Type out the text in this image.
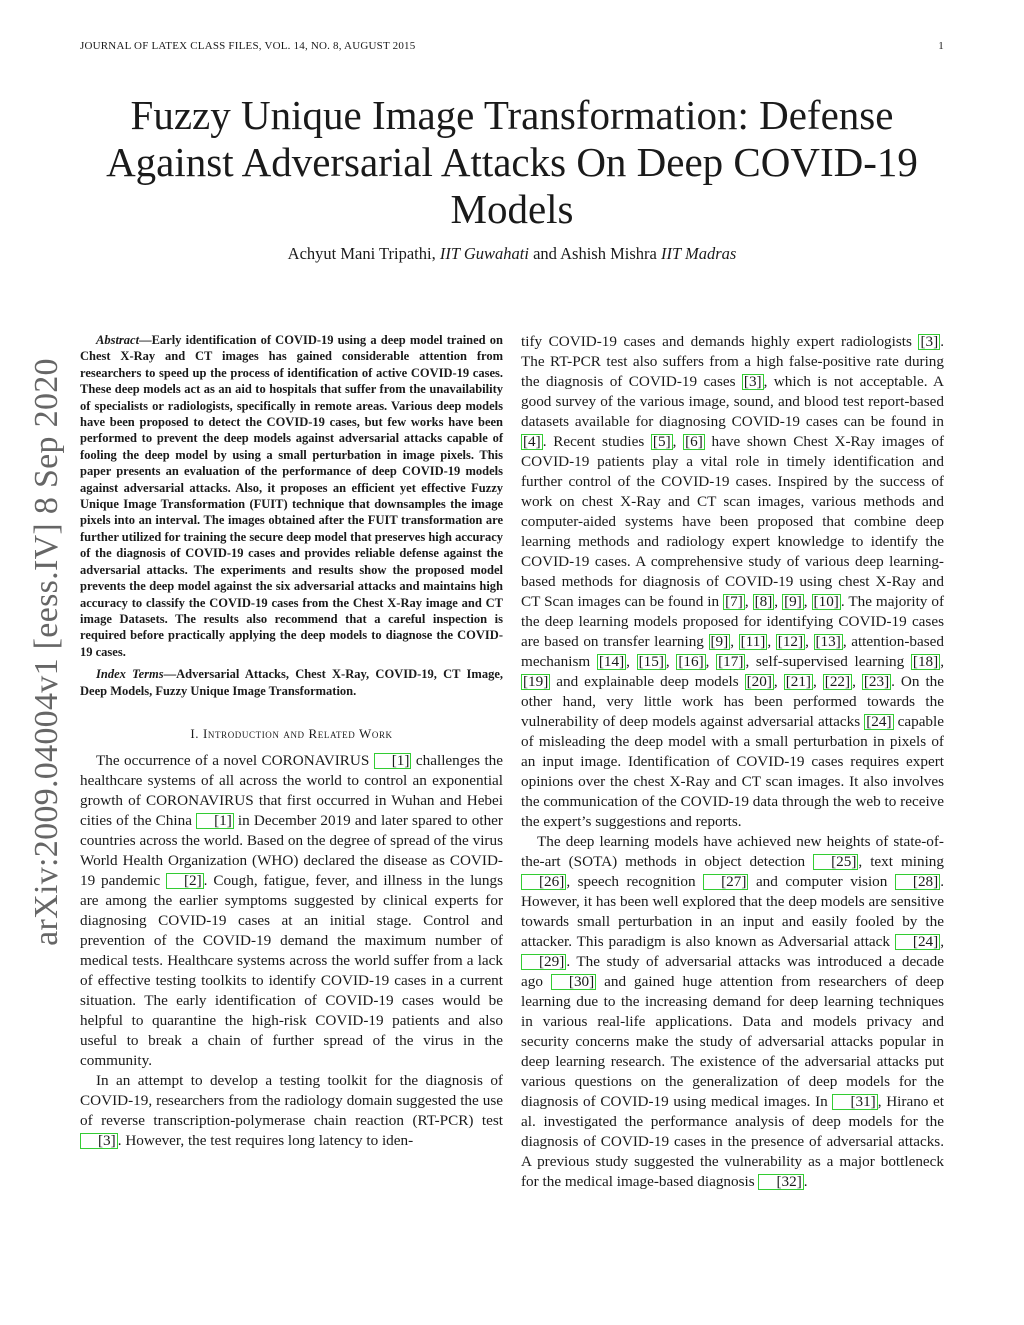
JOURNAL OF LATEX CLASS FILES, VOL. 14, NO. 8, AUGUST 2015	1
Fuzzy Unique Image Transformation: Defense
Against Adversarial Attacks On Deep COVID-19
Models
Achyut Mani Tripathi, IIT Guwahati and Ashish Mishra IIT Madras
arXiv:2009.04004v1 [eess.IV] 8 Sep 2020

Abstract—Early identification of COVID-19 using a deep model trained on Chest X-Ray and CT images has gained considerable attention from researchers to speed up the process of identification of active COVID-19 cases. These deep models act as an aid to hospitals that suffer from the unavailability of specialists or radiologists, specifically in remote areas. Various deep models have been proposed to detect the COVID-19 cases, but few works have been performed to prevent the deep models against adversarial attacks capable of fooling the deep model by using a small perturbation in image pixels. This paper presents an evaluation of the performance of deep COVID-19 models against adversarial attacks. Also, it proposes an efficient yet effective Fuzzy Unique Image Transformation (FUIT) technique that downsamples the image pixels into an interval. The images obtained after the FUIT transformation are further utilized for training the secure deep model that preserves high accuracy of the diagnosis of COVID-19 cases and provides reliable defense against the adversarial attacks. The experiments and results show the proposed model prevents the deep model against the six adversarial attacks and maintains high accuracy to classify the COVID-19 cases from the Chest X-Ray image and CT image Datasets. The results also recommend that a careful inspection is required before practically applying the deep models to diagnose the COVID-19 cases.

Index Terms—Adversarial Attacks, Chest X-Ray, COVID-19, CT Image, Deep Models, Fuzzy Unique Image Transformation.

I. Introduction and Related Work

The occurrence of a novel CORONAVIRUS [1] challenges the healthcare systems of all across the world to control an exponential growth of CORONAVIRUS that first occurred in Wuhan and Hebei cities of the China [1] in December 2019 and later spared to other countries across the world. Based on the degree of spread of the virus World Health Organization (WHO) declared the disease as COVID-19 pandemic [2] . Cough, fatigue, fever, and illness in the lungs are among the earlier symptoms suggested by clinical experts for diagnosing COVID-19 cases at an initial stage. Control and prevention of the COVID-19 demand the maximum number of medical tests. Healthcare systems across the world suffer from a lack of effective testing toolkits to identify COVID-19 cases in a current situation. The early identification of COVID-19 cases would be helpful to quarantine the high-risk COVID-19 patients and also useful to break a chain of further spread of the virus in the community.

In an attempt to develop a testing toolkit for the diagnosis of COVID-19, researchers from the radiology domain suggested the use of reverse transcription-polymerase chain reaction (RT-PCR) test [3] . However, the test requires long latency to iden-

tify COVID-19 cases and demands highly expert radiologists [3] . The RT-PCR test also suffers from a high false-positive rate during the diagnosis of COVID-19 cases [3] , which is not acceptable. A good survey of the various image, sound, and blood test report-based datasets available for diagnosing COVID-19 cases can be found in [4] . Recent studies [5] , [6] have shown Chest X-Ray images of COVID-19 patients play a vital role in timely identification and further control of the COVID-19 cases. Inspired by the success of work on chest X-Ray and CT scan images, various methods and computer-aided systems have been proposed that combine deep learning methods and radiology expert knowledge to identify the COVID-19 cases. A comprehensive study of various deep learning-based methods for diagnosis of COVID-19 using chest X-Ray and CT Scan images can be found in [7] , [8] , [9] , [10] . The majority of the deep learning models proposed for identifying COVID-19 cases are based on transfer learning [9] , [11] , [12] , [13] , attention-based mechanism [14] , [15] , [16] , [17] , self-supervised learning [18] , [19] and explainable deep models [20] , [21] , [22] , [23] . On the other hand, very little work has been performed towards the vulnerability of deep models against adversarial attacks [24] capable of misleading the deep model with a small perturbation in pixels of an input image. Identification of COVID-19 cases requires expert opinions over the chest X-Ray and CT scan images. It also involves the communication of the COVID-19 data through the web to receive the expert’s suggestions and reports.

The deep learning models have achieved new heights of state-of-the-art (SOTA) methods in object detection [25] , text mining [26] , speech recognition [27] and computer vision [28] . However, it has been well explored that the deep models are sensitive towards small perturbation in an input and easily fooled by the attacker. This paradigm is also known as Adversarial attack [24] , [29] . The study of adversarial attacks was introduced a decade ago [30] and gained huge attention from researchers of deep learning due to the increasing demand for deep learning techniques in various real-life applications. Data and models privacy and security concerns make the study of adversarial attacks popular in deep learning research. The existence of the adversarial attacks put various questions on the generalization of deep models for the diagnosis of COVID-19 using medical images. In [31] , Hirano et al. investigated the performance analysis of deep models for the diagnosis of COVID-19 cases in the presence of adversarial attacks. A previous study suggested the vulnerability as a major bottleneck for the medical image-based diagnosis [32] .
